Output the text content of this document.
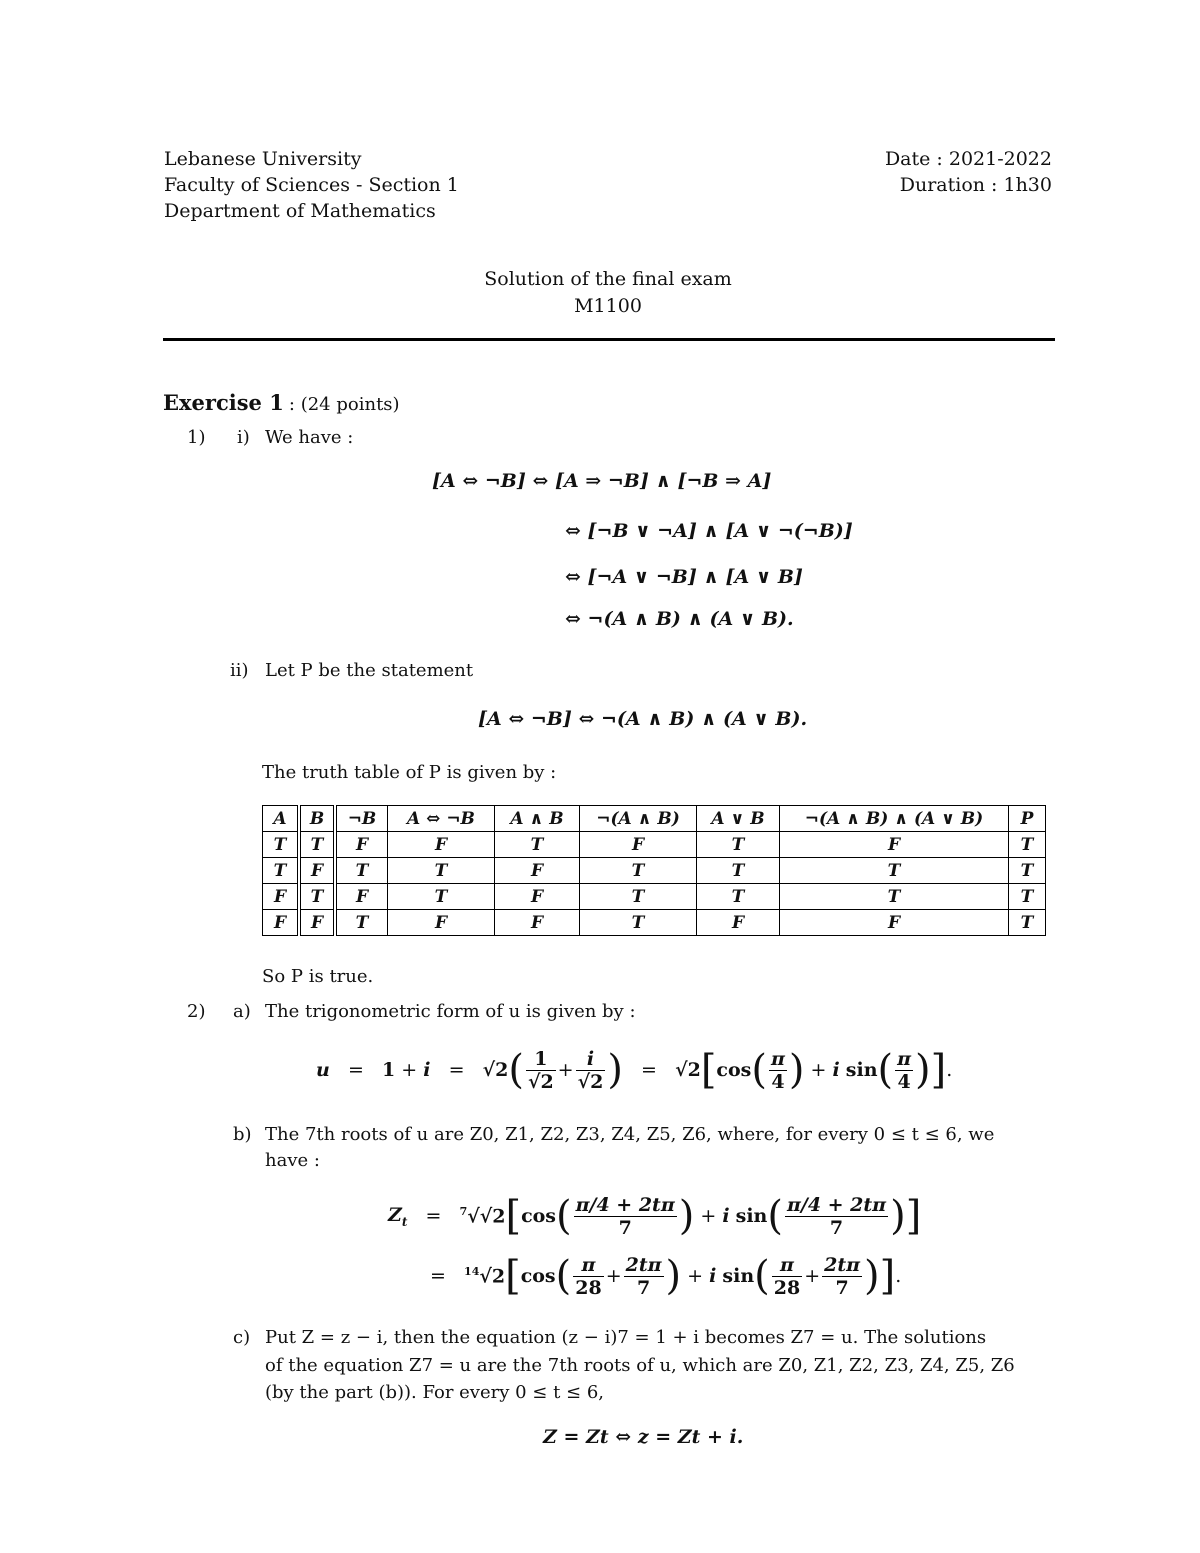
Lebanese University
Faculty of Sciences - Section 1
Department of Mathematics
Date : 2021-2022
Duration : 1h30
Solution of the final exam
M1100
Exercise 1 : (24 points)
1) i) We have :
[A ⇔ ¬B] ⇔ [A ⇒ ¬B] ∧ [¬B ⇒ A]
⇔ [¬B ∨ ¬A] ∧ [A ∨ ¬(¬B)]
⇔ [¬A ∨ ¬B] ∧ [A ∨ B]
⇔ ¬(A ∧ B) ∧ (A ∨ B).
ii) Let P be the statement
[A ⇔ ¬B] ⇔ ¬(A ∧ B) ∧ (A ∨ B).
The truth table of P is given by :
A	B	¬B	A ⇔ ¬B	A ∧ B	¬(A ∧ B)	A ∨ B	¬(A ∧ B) ∧ (A ∨ B)	P
T	T	F	F	T	F	T	F	T
T	F	T	T	F	T	T	T	T
F	T	F	T	F	T	T	T	T
F	F	T	F	F	T	F	F	T
So P is true.
2) a) The trigonometric form of u is given by :
u = 1 + i = √2 ( $\frac{1}{√2} + \frac{i}{√2}$ ) = √2 [ cos ( $\frac{\pi}{4}$ ) + i
sin ( $\frac{\pi}{4}$ ) ] .
b) The 7th roots of u are Z0, Z1, Z2, Z3, Z4, Z5, Z6, where, for every 0 ≤ t ≤ 6, we
have :
$Z_t = ^7√√2$ [ cos ( $\frac{\pi/4 + 2t\pi}{7}$ ) + i
sin ( $\frac{\pi/4 + 2t\pi}{7}$ ) ]
= $^{14}$√2 [ cos ( $\frac{\pi}{28} + \frac{2t\pi}{7}$ ) + i
sin ( $\frac{\pi}{28} + \frac{2t\pi}{7}$ ) ] .
c) Put Z = z − i, then the equation (z − i)7 = 1 + i becomes Z7 = u. The solutions
of the equation Z7 = u are the 7th roots of u, which are Z0, Z1, Z2, Z3, Z4, Z5, Z6
(by the part (b)). For every 0 ≤ t ≤ 6,
Z = Zt ⇔ z = Zt + i.
